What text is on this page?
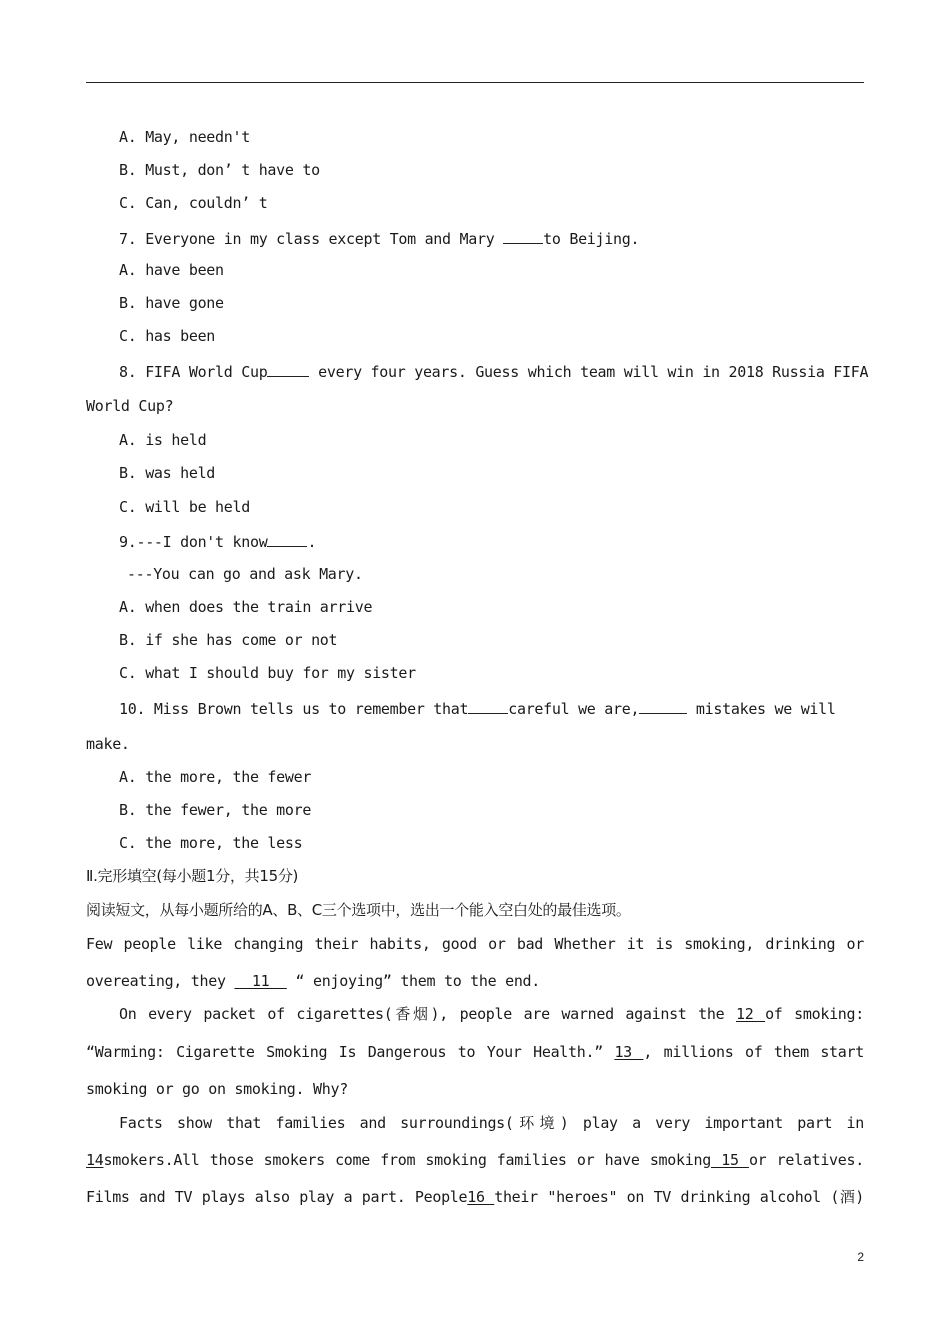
A. May, needn't
B. Must, don’ t have to
C. Can, couldn’ t
7. Everyone in my class except Tom and Mary	to Beijing.
A. have been
B. have gone
C. has been
8. FIFA World Cup	every four years. Guess which team will win in 2018 Russia FIFA
World Cup?
A. is held
B. was held
C. will be held
9.---I don't know	.
---You can go and ask Mary.
A. when does the train arrive
B. if she has come or not
C. what I should buy for my sister
10. Miss Brown tells us to remember that	careful we are,	mistakes we will
make.
A. the more, the fewer
B. the fewer, the more
C. the more, the less
Ⅱ.完形填空(每小题1分，共15分)
阅读短文，从每小题所给的A、B、C三个选项中，选出一个能入空白处的最佳选项。
Few people like changing their habits, good or bad Whether it is smoking, drinking or
overeating, they   11   “ enjoying” them to the end.
On every packet of cigarettes(香烟), people are warned against the 12 of smoking:
“Warming: Cigarette Smoking Is Dangerous to Your Health.” 13 , millions of them start
smoking or go on smoking. Why?
Facts show that families and surroundings(环境) play a very important part in
14smokers.All those smokers come from smoking families or have smoking 15 or relatives.
Films and TV plays also play a part. People16 their "heroes" on TV drinking alcohol (酒)
2
